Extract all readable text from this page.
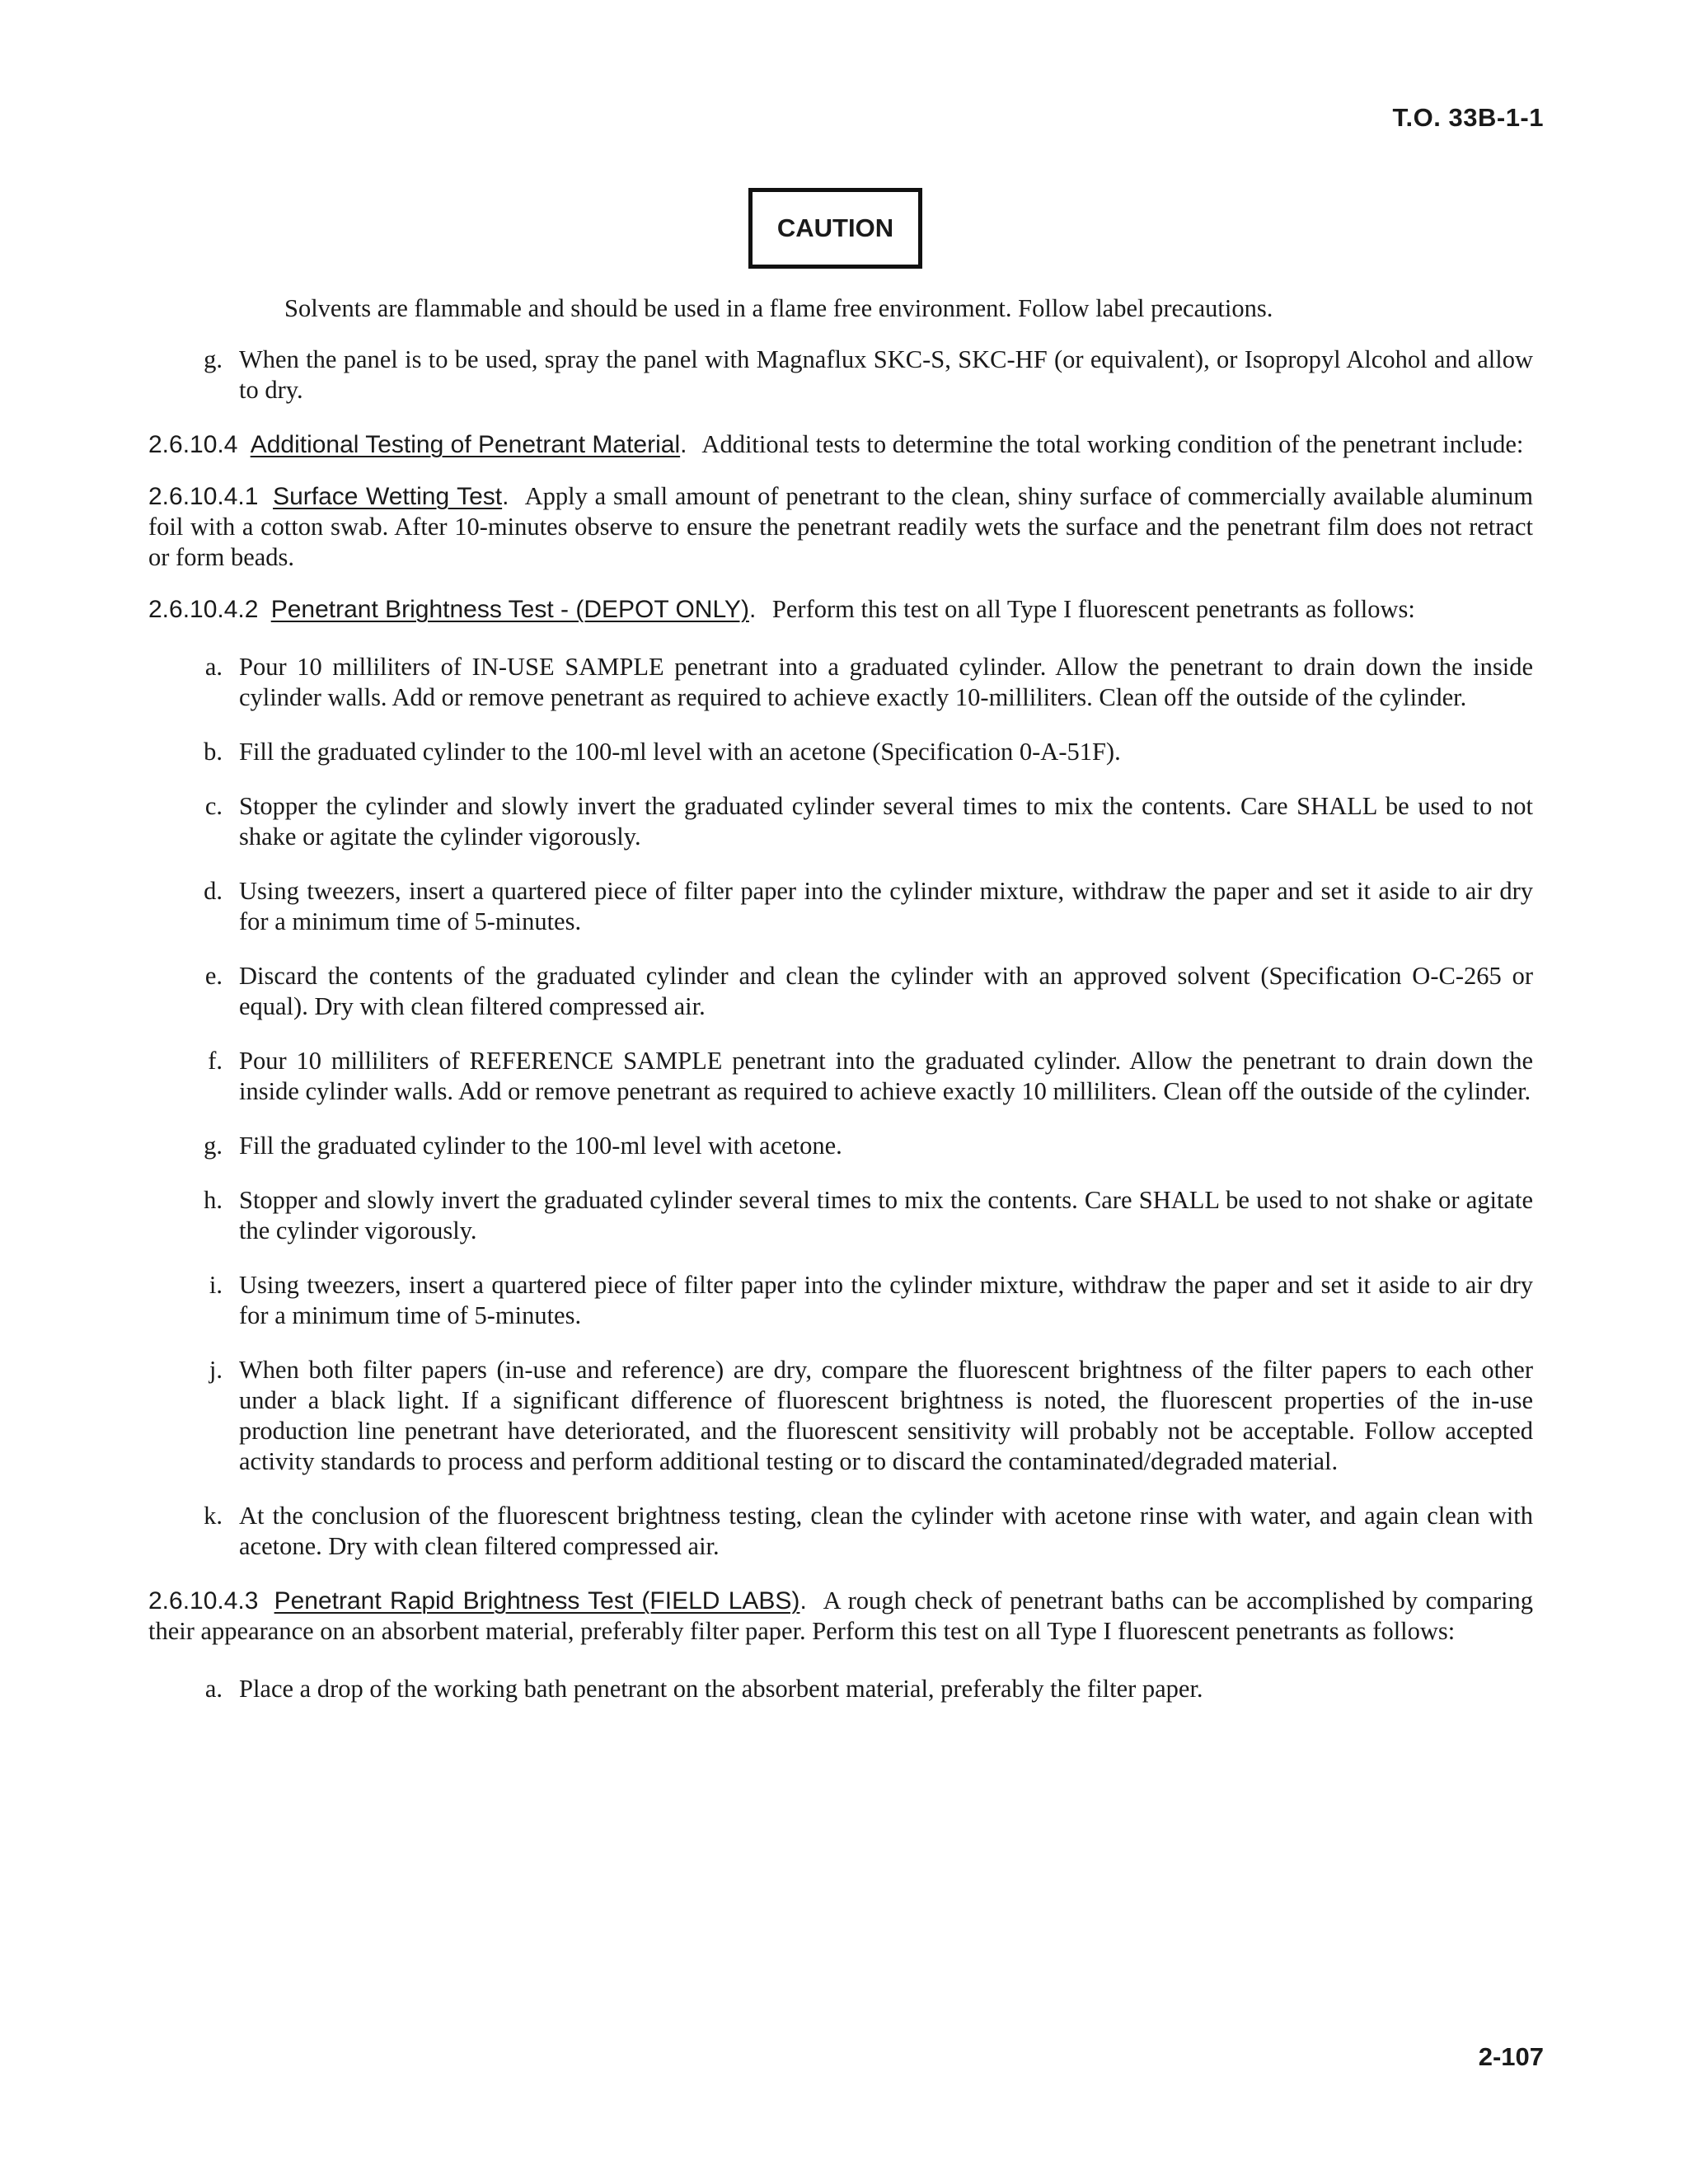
T.O. 33B-1-1
CAUTION

Solvents are flammable and should be used in a flame free environment. Follow label precautions.

g. When the panel is to be used, spray the panel with Magnaflux SKC-S, SKC-HF (or equivalent), or Isopropyl Alcohol and allow to dry.

2.6.10.4 Additional Testing of Penetrant Material. Additional tests to determine the total working condition of the penetrant include:

2.6.10.4.1 Surface Wetting Test. Apply a small amount of penetrant to the clean, shiny surface of commercially available aluminum foil with a cotton swab. After 10-minutes observe to ensure the penetrant readily wets the surface and the penetrant film does not retract or form beads.

2.6.10.4.2 Penetrant Brightness Test - (DEPOT ONLY). Perform this test on all Type I fluorescent penetrants as follows:

a. Pour 10 milliliters of IN-USE SAMPLE penetrant into a graduated cylinder. Allow the penetrant to drain down the inside cylinder walls. Add or remove penetrant as required to achieve exactly 10-milliliters. Clean off the outside of the cylinder.
b. Fill the graduated cylinder to the 100-ml level with an acetone (Specification 0-A-51F).
c. Stopper the cylinder and slowly invert the graduated cylinder several times to mix the contents. Care SHALL be used to not shake or agitate the cylinder vigorously.
d. Using tweezers, insert a quartered piece of filter paper into the cylinder mixture, withdraw the paper and set it aside to air dry for a minimum time of 5-minutes.
e. Discard the contents of the graduated cylinder and clean the cylinder with an approved solvent (Specification O-C-265 or equal). Dry with clean filtered compressed air.
f. Pour 10 milliliters of REFERENCE SAMPLE penetrant into the graduated cylinder. Allow the penetrant to drain down the inside cylinder walls. Add or remove penetrant as required to achieve exactly 10 milliliters. Clean off the outside of the cylinder.
g. Fill the graduated cylinder to the 100-ml level with acetone.
h. Stopper and slowly invert the graduated cylinder several times to mix the contents. Care SHALL be used to not shake or agitate the cylinder vigorously.
i. Using tweezers, insert a quartered piece of filter paper into the cylinder mixture, withdraw the paper and set it aside to air dry for a minimum time of 5-minutes.
j. When both filter papers (in-use and reference) are dry, compare the fluorescent brightness of the filter papers to each other under a black light. If a significant difference of fluorescent brightness is noted, the fluorescent properties of the in-use production line penetrant have deteriorated, and the fluorescent sensitivity will probably not be acceptable. Follow accepted activity standards to process and perform additional testing or to discard the contaminated/degraded material.
k. At the conclusion of the fluorescent brightness testing, clean the cylinder with acetone rinse with water, and again clean with acetone. Dry with clean filtered compressed air.

2.6.10.4.3 Penetrant Rapid Brightness Test (FIELD LABS). A rough check of penetrant baths can be accomplished by comparing their appearance on an absorbent material, preferably filter paper. Perform this test on all Type I fluorescent penetrants as follows:

a. Place a drop of the working bath penetrant on the absorbent material, preferably the filter paper.
2-107
